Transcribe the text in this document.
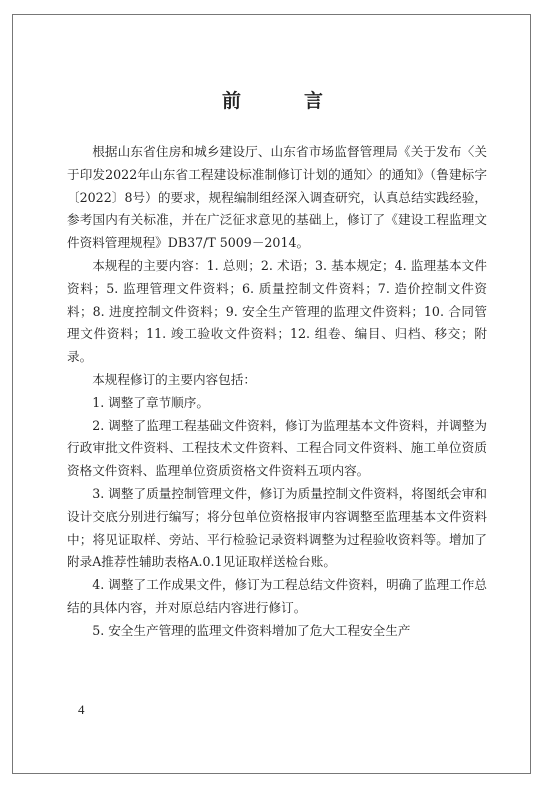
前　言

根据山东省住房和城乡建设厅、山东省市场监督管理局《关于发布〈关于印发2022年山东省工程建设标准制修订计划的通知〉的通知》（鲁建标字〔2022〕8号）的要求，规程编制组经深入调查研究，认真总结实践经验，参考国内有关标准，并在广泛征求意见的基础上，修订了《建设工程监理文件资料管理规程》DB37/T 5009－2014。

本规程的主要内容：1. 总则；2. 术语；3. 基本规定；4. 监理基本文件资料；5. 监理管理文件资料；6. 质量控制文件资料；7. 造价控制文件资料；8. 进度控制文件资料；9. 安全生产管理的监理文件资料；10. 合同管理文件资料；11. 竣工验收文件资料；12. 组卷、编目、归档、移交；附录。

本规程修订的主要内容包括：

1. 调整了章节顺序。

2. 调整了监理工程基础文件资料，修订为监理基本文件资料，并调整为行政审批文件资料、工程技术文件资料、工程合同文件资料、施工单位资质资格文件资料、监理单位资质资格文件资料五项内容。

3. 调整了质量控制管理文件，修订为质量控制文件资料，将图纸会审和设计交底分别进行编写；将分包单位资格报审内容调整至监理基本文件资料中；将见证取样、旁站、平行检验记录资料调整为过程验收资料等。增加了附录A推荐性辅助表格A.0.1见证取样送检台账。

4. 调整了工作成果文件，修订为工程总结文件资料，明确了监理工作总结的具体内容，并对原总结内容进行修订。

5. 安全生产管理的监理文件资料增加了危大工程安全生产

4
